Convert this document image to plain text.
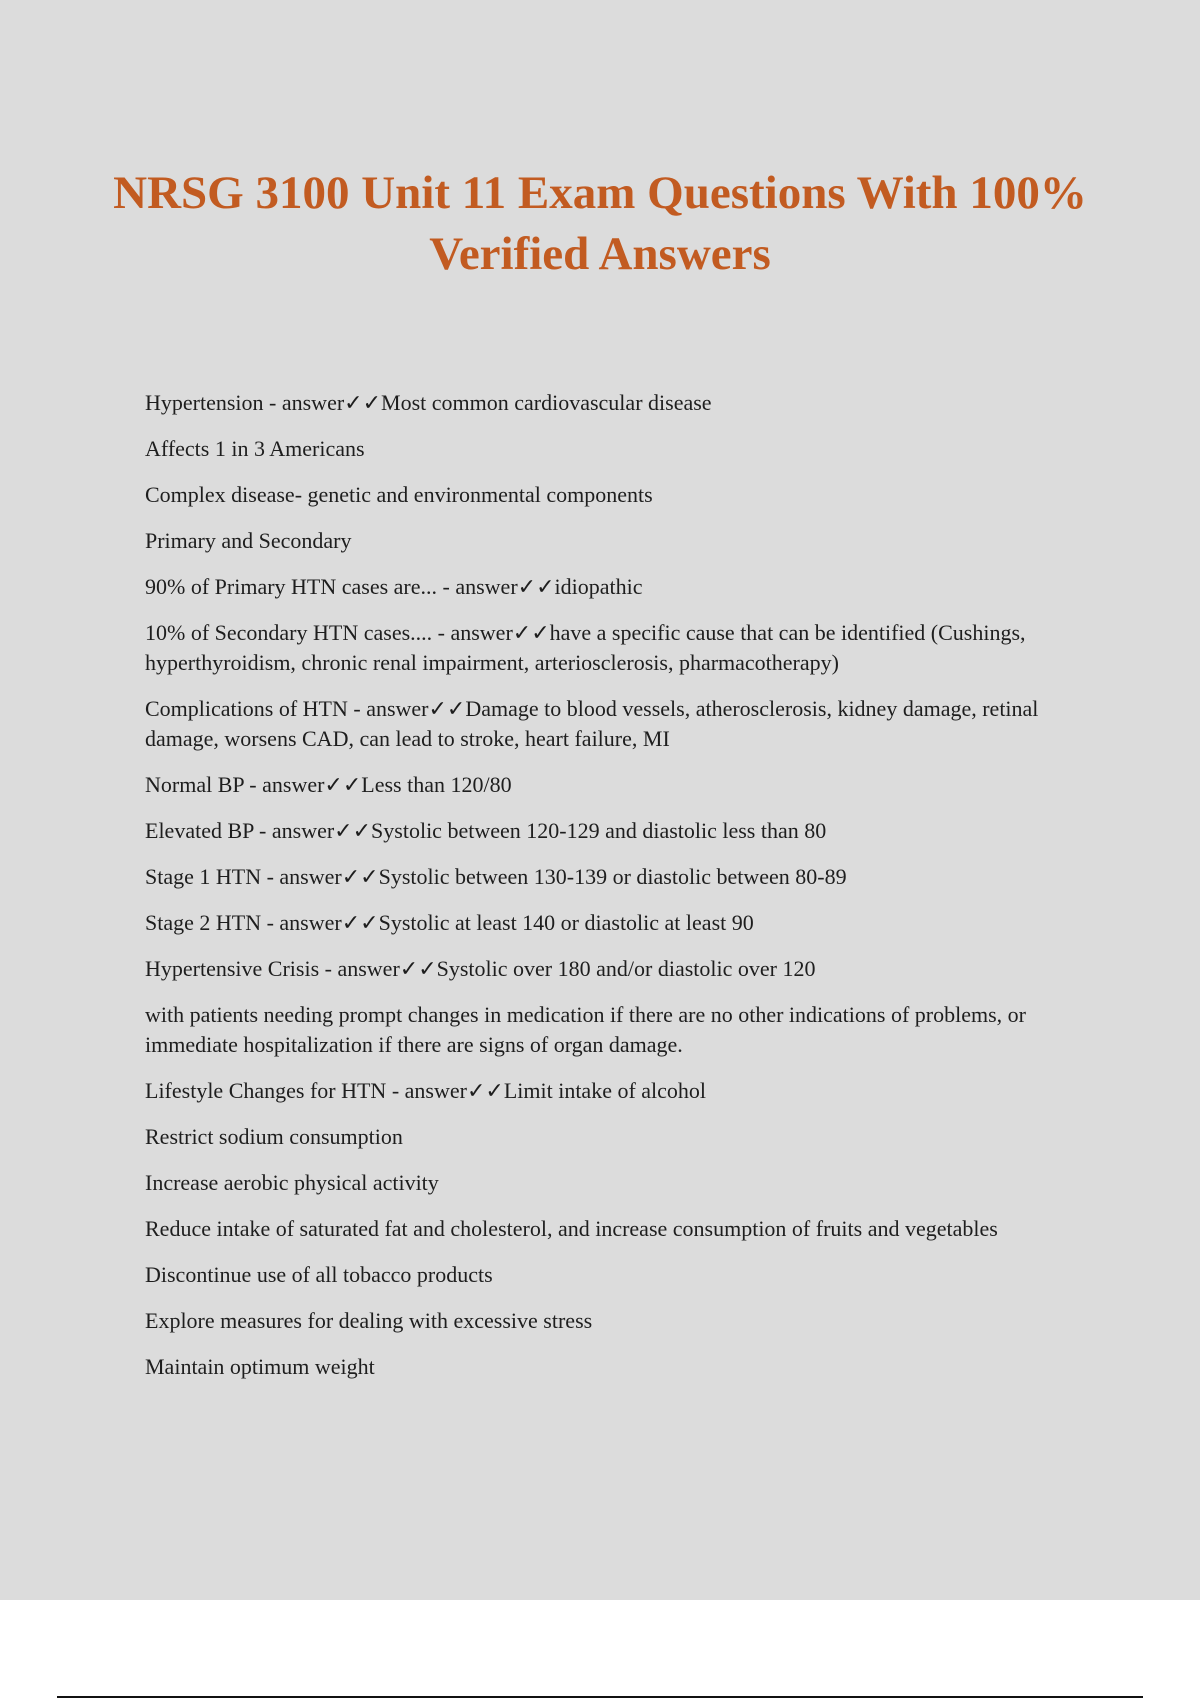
NRSG 3100 Unit 11 Exam Questions With 100% Verified Answers

Hypertension - answer✓✓Most common cardiovascular disease

Affects 1 in 3 Americans

Complex disease- genetic and environmental components

Primary and Secondary

90% of Primary HTN cases are... - answer✓✓idiopathic

10% of Secondary HTN cases.... - answer✓✓have a specific cause that can be identified (Cushings, hyperthyroidism, chronic renal impairment, arteriosclerosis, pharmacotherapy)

Complications of HTN - answer✓✓Damage to blood vessels, atherosclerosis, kidney damage, retinal damage, worsens CAD, can lead to stroke, heart failure, MI

Normal BP - answer✓✓Less than 120/80

Elevated BP - answer✓✓Systolic between 120-129 and diastolic less than 80

Stage 1 HTN - answer✓✓Systolic between 130-139 or diastolic between 80-89

Stage 2 HTN - answer✓✓Systolic at least 140 or diastolic at least 90

Hypertensive Crisis - answer✓✓Systolic over 180 and/or diastolic over 120

with patients needing prompt changes in medication if there are no other indications of problems, or immediate hospitalization if there are signs of organ damage.

Lifestyle Changes for HTN - answer✓✓Limit intake of alcohol

Restrict sodium consumption

Increase aerobic physical activity

Reduce intake of saturated fat and cholesterol, and increase consumption of fruits and vegetables

Discontinue use of all tobacco products

Explore measures for dealing with excessive stress

Maintain optimum weight
